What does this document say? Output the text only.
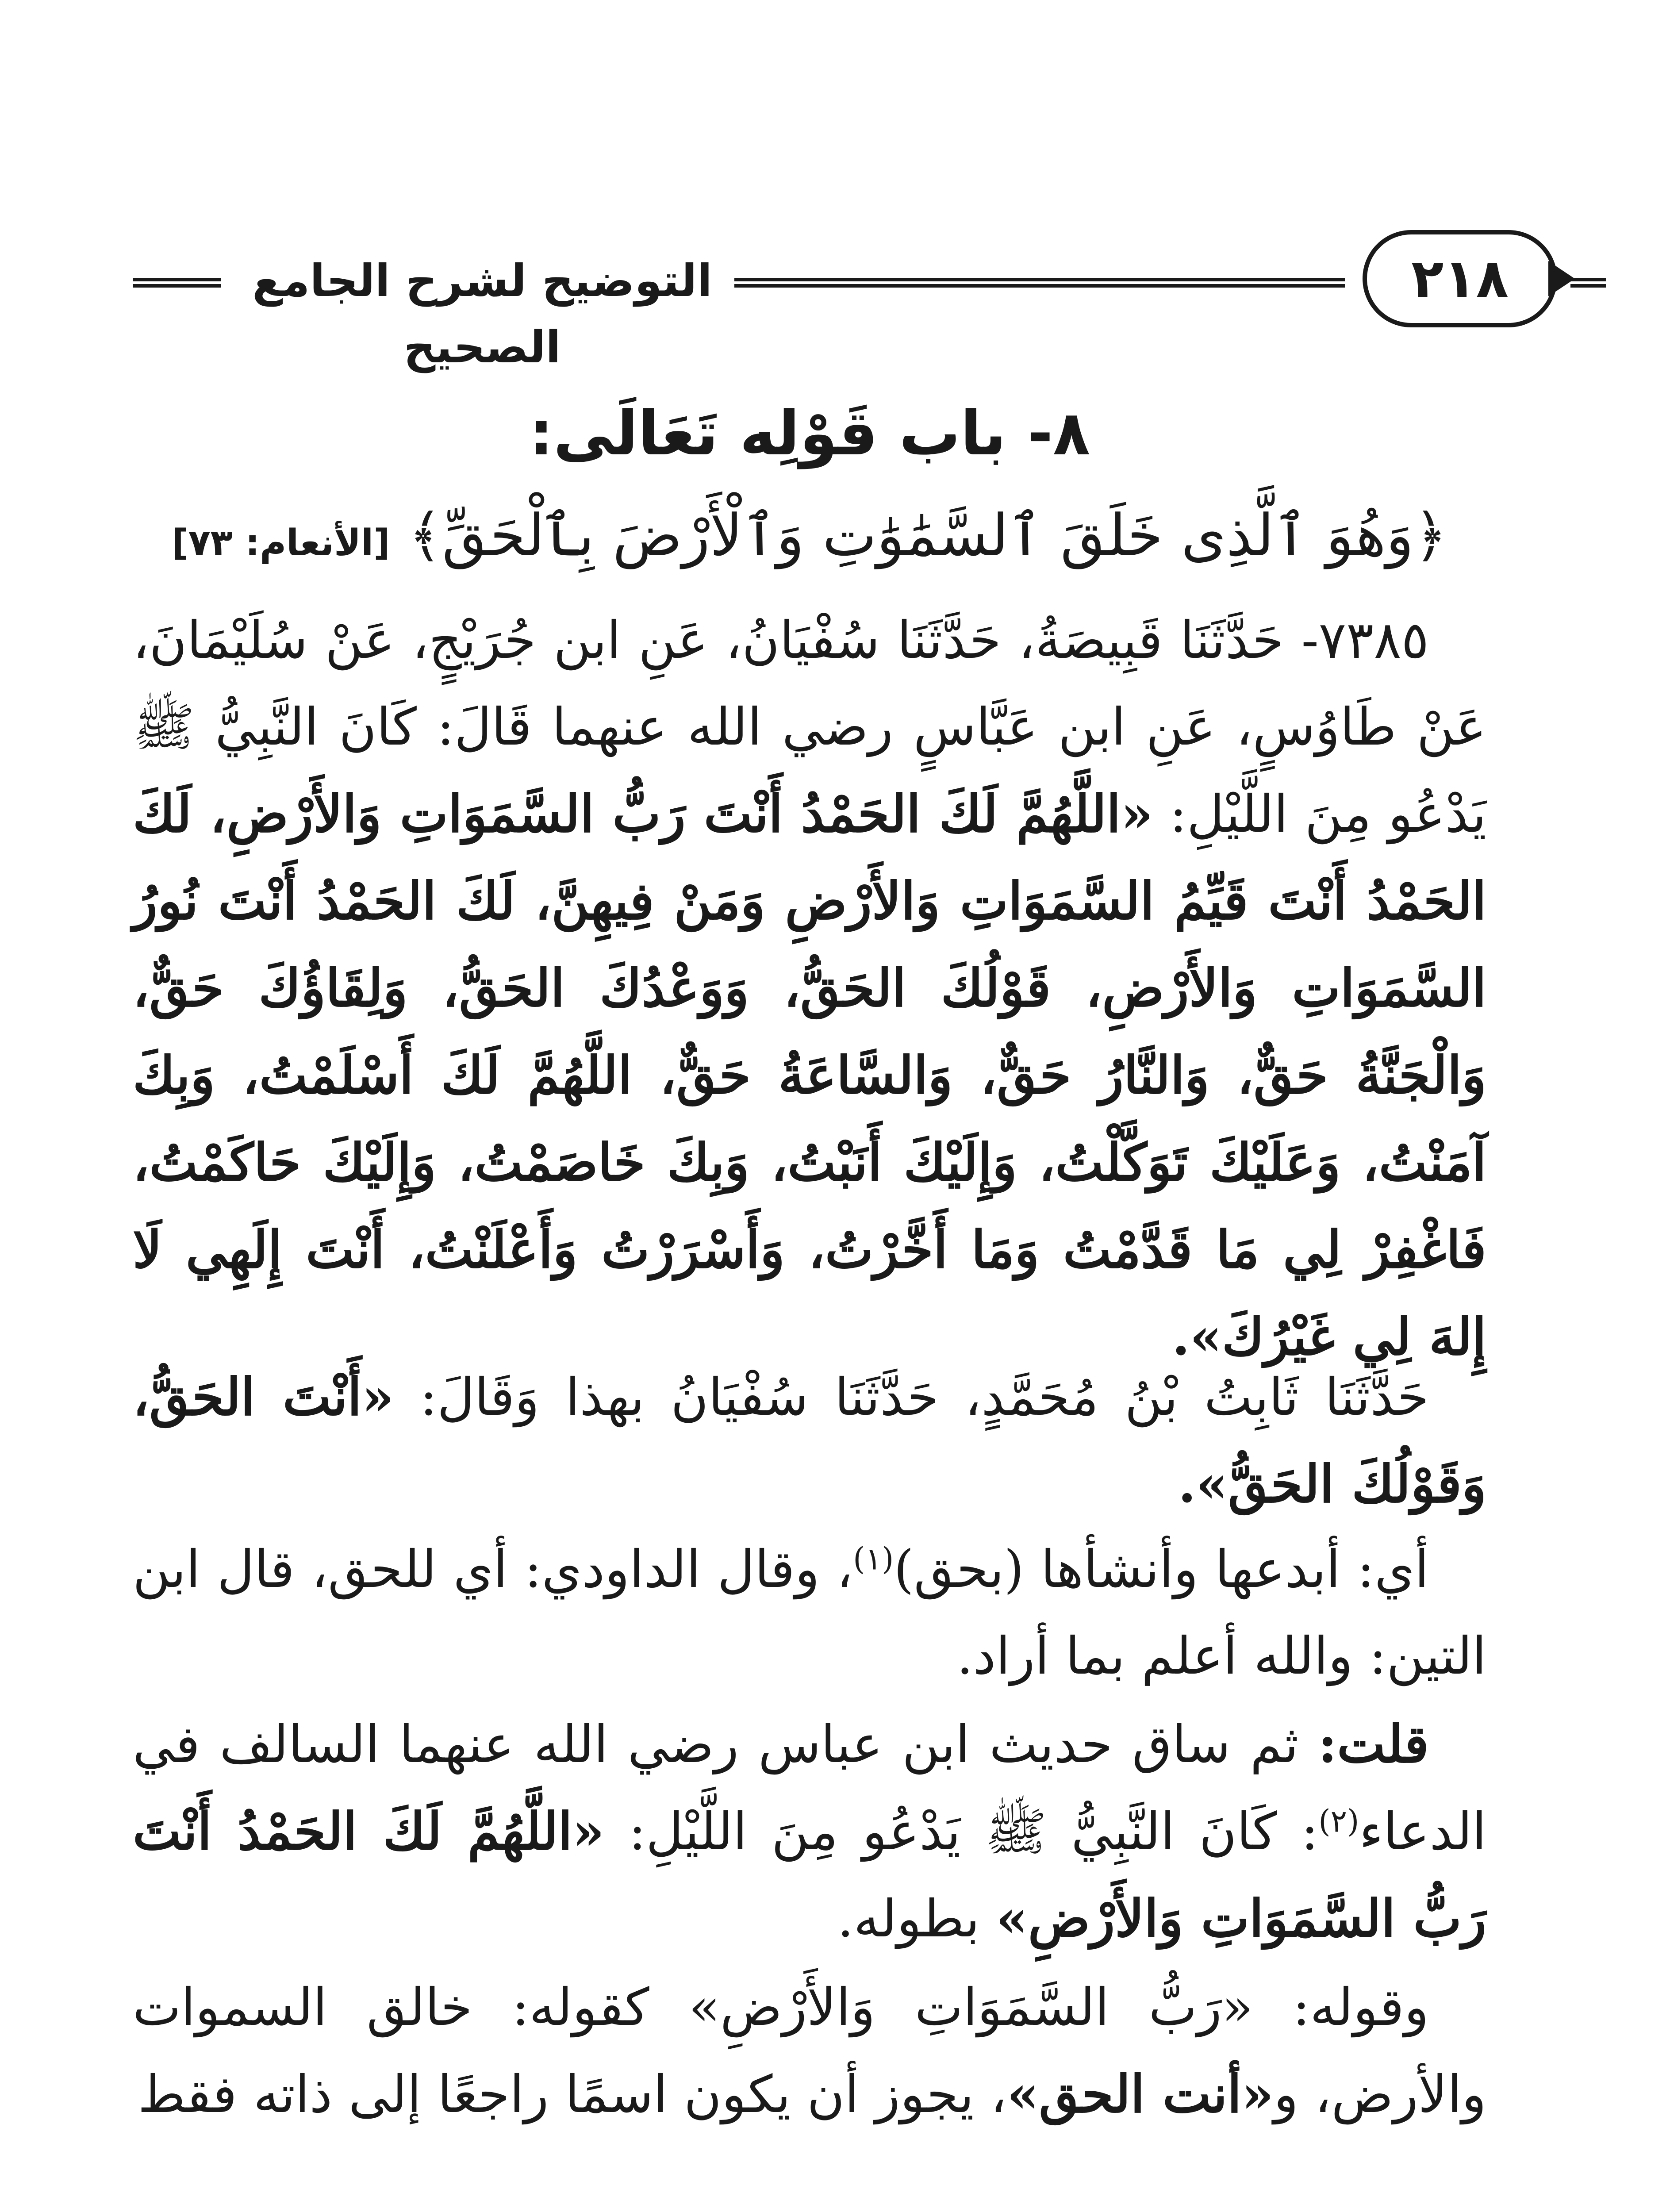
التوضيح لشرح الجامع الصحيح
٢١٨
٨- باب قَوْلِه تَعَالَى:
﴿وَهُوَ ٱلَّذِى خَلَقَ ٱلسَّمَٰوَٰتِ وَٱلْأَرْضَ بِٱلْحَقِّ﴾ [الأنعام: ٧٣]

٧٣٨٥- حَدَّثَنَا قَبِيصَةُ، حَدَّثَنَا سُفْيَانُ، عَنِ ابن جُرَيْجٍ، عَنْ سُلَيْمَانَ، عَنْ طَاوُسٍ، عَنِ ابن عَبَّاسٍ رضي الله عنهما قَالَ: كَانَ النَّبِيُّ ﷺ يَدْعُو مِنَ اللَّيْلِ: «اللَّهُمَّ لَكَ الحَمْدُ أَنْتَ رَبُّ السَّمَوَاتِ وَالأَرْضِ، لَكَ الحَمْدُ أَنْتَ قَيِّمُ السَّمَوَاتِ وَالأَرْضِ وَمَنْ فِيهِنَّ، لَكَ الحَمْدُ أَنْتَ نُورُ السَّمَوَاتِ وَالأَرْضِ، قَوْلُكَ الحَقُّ، وَوَعْدُكَ الحَقُّ، وَلِقَاؤُكَ حَقٌّ، وَالْجَنَّةُ حَقٌّ، وَالنَّارُ حَقٌّ، وَالسَّاعَةُ حَقٌّ، اللَّهُمَّ لَكَ أَسْلَمْتُ، وَبِكَ آمَنْتُ، وَعَلَيْكَ تَوَكَّلْتُ، وَإِلَيْكَ أَنَبْتُ، وَبِكَ خَاصَمْتُ، وَإِلَيْكَ حَاكَمْتُ، فَاغْفِرْ لِي مَا قَدَّمْتُ وَمَا أَخَّرْتُ، وَأَسْرَرْتُ وَأَعْلَنْتُ، أَنْتَ إِلَهِي لَا إِلهَ لِي غَيْرُكَ».

حَدَّثَنَا ثَابِتُ بْنُ مُحَمَّدٍ، حَدَّثَنَا سُفْيَانُ بهذا وَقَالَ: «أَنْتَ الحَقُّ، وَقَوْلُكَ الحَقُّ».

أي: أبدعها وأنشأها (بحق)$^{(١)}$، وقال الداودي: أي للحق، قال ابن التين: والله أعلم بما أراد.

قلت: ثم ساق حديث ابن عباس رضي الله عنهما السالف في الدعاء$^{(٢)}$: كَانَ النَّبِيُّ ﷺ يَدْعُو مِنَ اللَّيْلِ: «اللَّهُمَّ لَكَ الحَمْدُ أَنْتَ رَبُّ السَّمَوَاتِ وَالأَرْضِ» بطوله.

وقوله: «رَبُّ السَّمَوَاتِ وَالأَرْضِ» كقوله: خالق السموات والأرض، و«أنت الحق»، يجوز أن يكون اسمًا راجعًا إلى ذاته فقط
